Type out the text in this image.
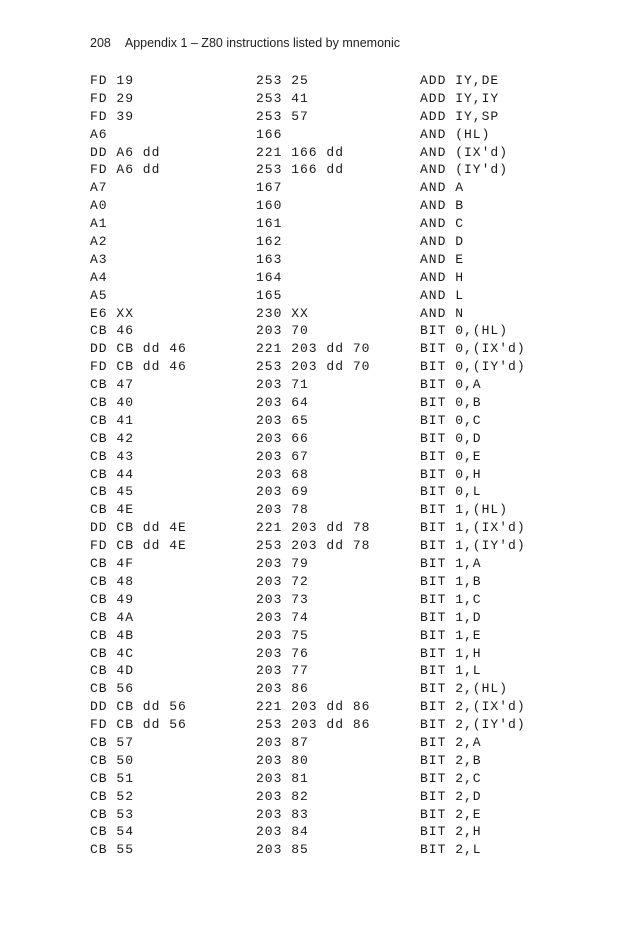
208 Appendix 1 – Z80 instructions listed by mnemonic
FD 19	253 25	ADD IY,DE
FD 29	253 41	ADD IY,IY
FD 39	253 57	ADD IY,SP
A6	166	AND (HL)
DD A6 dd	221 166 dd	AND (IX'd)
FD A6 dd	253 166 dd	AND (IY'd)
A7	167	AND A
A0	160	AND B
A1	161	AND C
A2	162	AND D
A3	163	AND E
A4	164	AND H
A5	165	AND L
E6 XX	230 XX	AND N
CB 46	203 70	BIT 0,(HL)
DD CB dd 46	221 203 dd 70	BIT 0,(IX'd)
FD CB dd 46	253 203 dd 70	BIT 0,(IY'd)
CB 47	203 71	BIT 0,A
CB 40	203 64	BIT 0,B
CB 41	203 65	BIT 0,C
CB 42	203 66	BIT 0,D
CB 43	203 67	BIT 0,E
CB 44	203 68	BIT 0,H
CB 45	203 69	BIT 0,L
CB 4E	203 78	BIT 1,(HL)
DD CB dd 4E	221 203 dd 78	BIT 1,(IX'd)
FD CB dd 4E	253 203 dd 78	BIT 1,(IY'd)
CB 4F	203 79	BIT 1,A
CB 48	203 72	BIT 1,B
CB 49	203 73	BIT 1,C
CB 4A	203 74	BIT 1,D
CB 4B	203 75	BIT 1,E
CB 4C	203 76	BIT 1,H
CB 4D	203 77	BIT 1,L
CB 56	203 86	BIT 2,(HL)
DD CB dd 56	221 203 dd 86	BIT 2,(IX'd)
FD CB dd 56	253 203 dd 86	BIT 2,(IY'd)
CB 57	203 87	BIT 2,A
CB 50	203 80	BIT 2,B
CB 51	203 81	BIT 2,C
CB 52	203 82	BIT 2,D
CB 53	203 83	BIT 2,E
CB 54	203 84	BIT 2,H
CB 55	203 85	BIT 2,L
